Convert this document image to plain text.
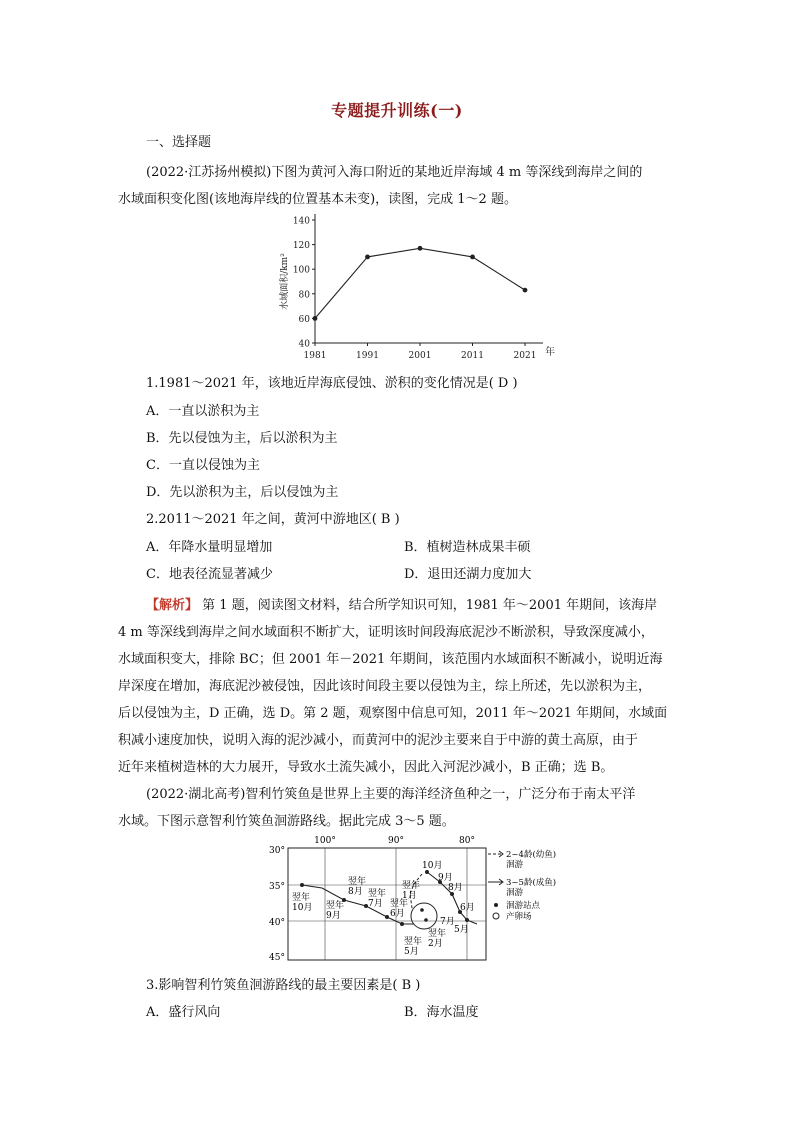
专题提升训练(一)
一、选择题
(2022·江苏扬州模拟)下图为黄河入海口附近的某地近岸海域 4 m 等深线到海岸之间的
水域面积变化图(该地海岸线的位置基本未变)，读图，完成 1～2 题。
40
60
80
100
120
140
1981	1991	2001	2011	2021 年
水域面积/km²
1.1981～2021 年，该地近岸海底侵蚀、淤积的变化情况是( D )
A．一直以淤积为主
B．先以侵蚀为主，后以淤积为主
C．一直以侵蚀为主
D．先以淤积为主，后以侵蚀为主
2.2011～2021 年之间，黄河中游地区( B )
A．年降水量明显增加	B．植树造林成果丰硕
C．地表径流显著减少	D．退田还湖力度加大
【解析】 第 1 题，阅读图文材料，结合所学知识可知，1981 年～2001 年期间，该海岸
4 m 等深线到海岸之间水域面积不断扩大，证明该时间段海底泥沙不断淤积，导致深度减小，
水域面积变大，排除 BC；但 2001 年－2021 年期间，该范围内水域面积不断减小，说明近海
岸深度在增加，海底泥沙被侵蚀，因此该时间段主要以侵蚀为主，综上所述，先以淤积为主，
后以侵蚀为主，D 正确，选 D。第 2 题，观察图中信息可知，2011 年～2021 年期间，水域面
积减小速度加快，说明入海的泥沙减小，而黄河中的泥沙主要来自于中游的黄土高原，由于
近年来植树造林的大力展开，导致水土流失减小，因此入河泥沙减小，B 正确；选 B。
(2022·湖北高考)智利竹筴鱼是世界上主要的海洋经济鱼种之一，广泛分布于南太平洋
水域。下图示意智利竹筴鱼洄游路线。据此完成 3～5 题。
100°	90°	80°
30°
35°
40°
45°
翌年
10月 翌年
9月
翌年
8月 翌年
7月 翌年
6月
翌年
5月
翌年
1月
翌年
2月
10月
9月
8月
7月
6月
5月
2~4龄(幼鱼)
洄游
3~5龄(成鱼)
洄游
洄游站点
产卵场
3.影响智利竹筴鱼洄游路线的最主要因素是( B )
A．盛行风向	B．海水温度
